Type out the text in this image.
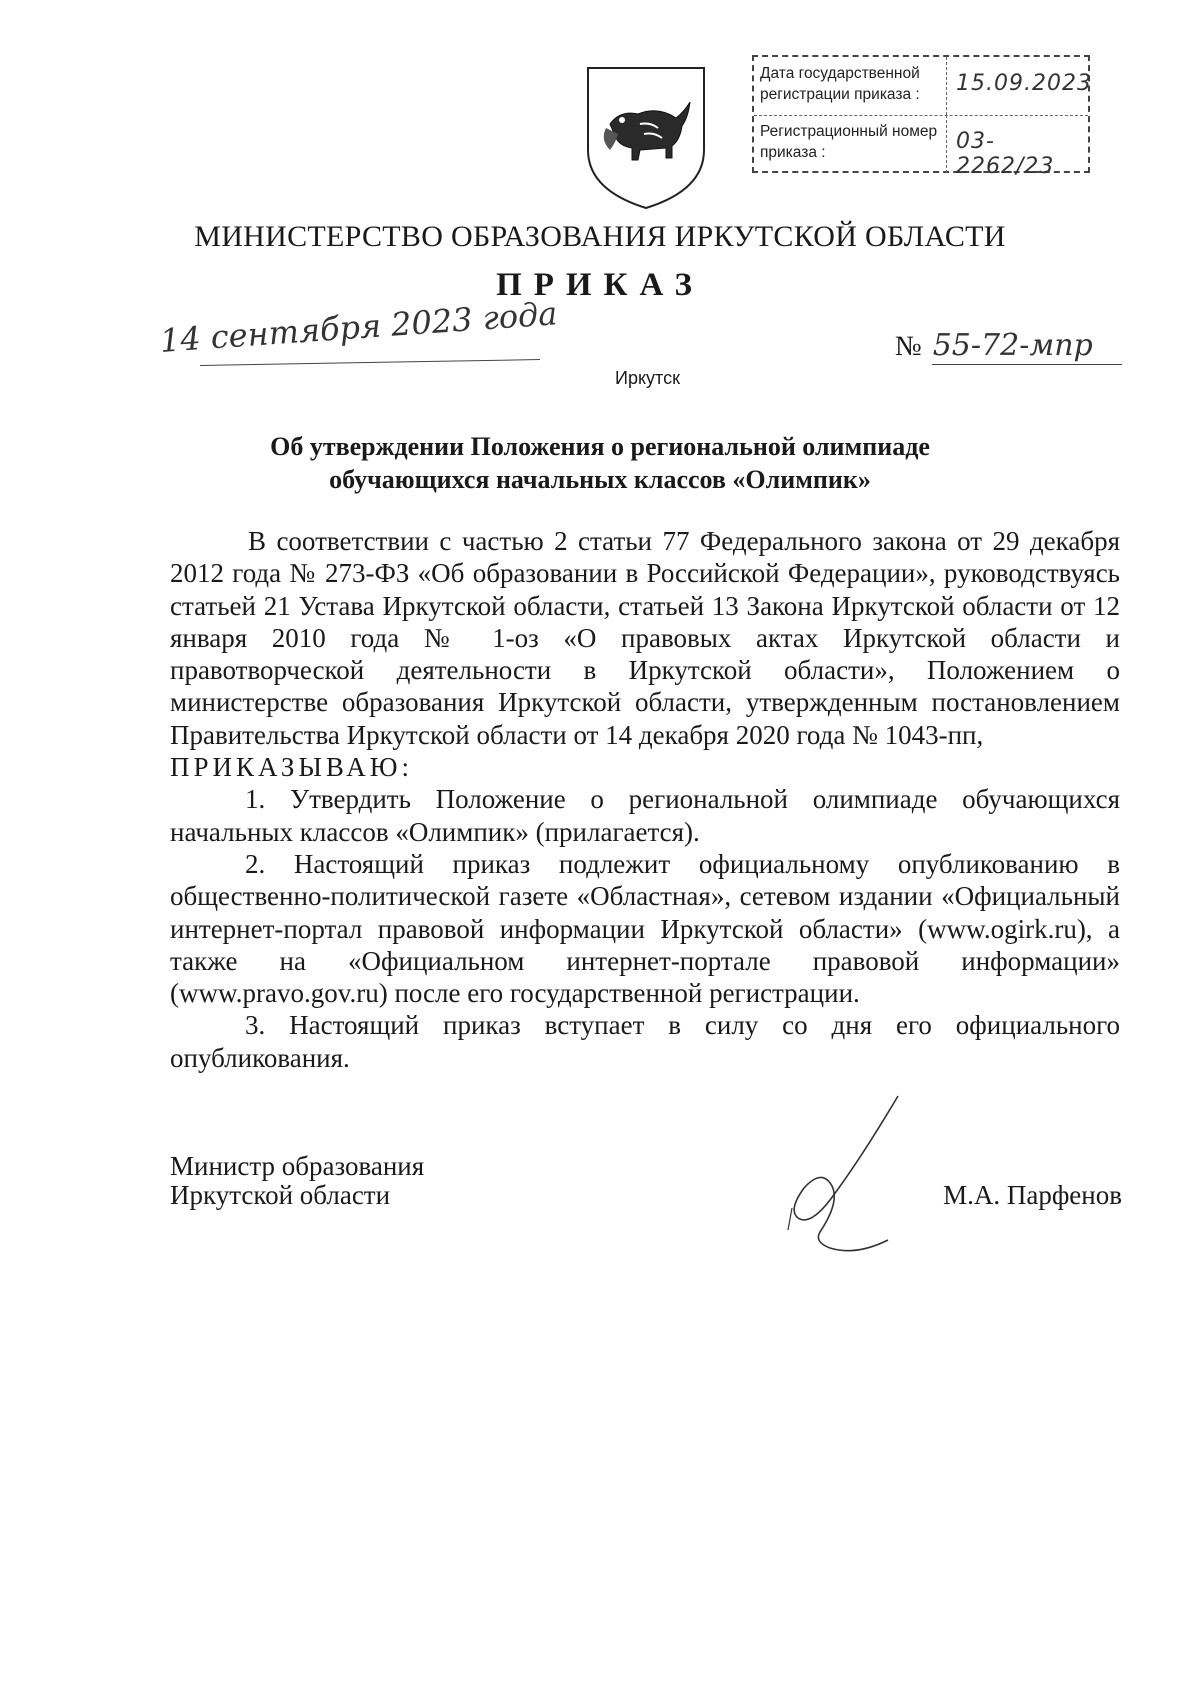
Дата государственной регистрации приказа :	15.09.2023
Регистрационный номер приказа :	03-2262/23
МИНИСТЕРСТВО ОБРАЗОВАНИЯ ИРКУТСКОЙ ОБЛАСТИ
ПРИКАЗ
14 сентября 2023 года	№ 55-72-мпр
Иркутск
Об утверждении Положения о региональной олимпиаде
обучающихся начальных классов «Олимпик»

В соответствии с частью 2 статьи 77 Федерального закона от 29 декабря 2012 года № 273-ФЗ «Об образовании в Российской Федерации», руководствуясь статьей 21 Устава Иркутской области, статьей 13 Закона Иркутской области от 12 января 2010 года № 1-оз «О правовых актах Иркутской области и правотворческой деятельности в Иркутской области», Положением о министерстве образования Иркутской области, утвержденным постановлением Правительства Иркутской области от 14 декабря 2020 года № 1043-пп,

ПРИКАЗЫВАЮ:

1. Утвердить Положение о региональной олимпиаде обучающихся начальных классов «Олимпик» (прилагается).

2. Настоящий приказ подлежит официальному опубликованию в общественно-политической газете «Областная», сетевом издании «Официальный интернет-портал правовой информации Иркутской области» (www.ogirk.ru), а также на «Официальном интернет-портале правовой информации» (www.pravo.gov.ru) после его государственной регистрации.

3. Настоящий приказ вступает в силу со дня его официального опубликования.

Министр образования
Иркутской области	М.А. Парфенов
